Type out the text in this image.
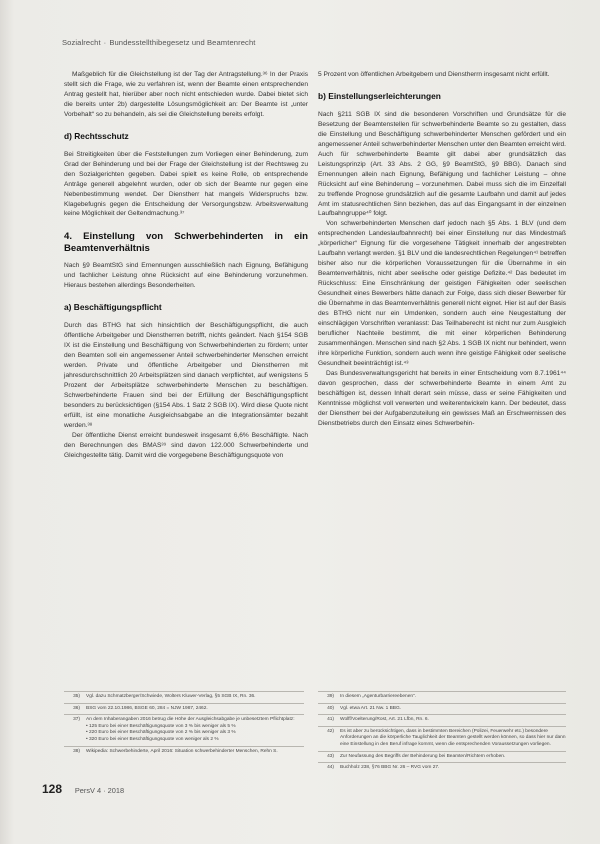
Sozialrecht · Bundesstellthibegesetz und Beamtenrecht

Maßgeblich für die Gleichstellung ist der Tag der Antragstellung.³⁶ In der Praxis stellt sich die Frage, wie zu verfahren ist, wenn der Beamte einen entsprechenden Antrag gestellt hat, hierüber aber noch nicht entschieden wurde. Dabei bietet sich die bereits unter 2b) dargestellte Lösungsmöglichkeit an: Der Beamte ist „unter Vorbehalt“ so zu behandeln, als sei die Gleichstellung bereits erfolgt.

d) Rechtsschutz

Bei Streitigkeiten über die Feststellungen zum Vorliegen einer Behinderung, zum Grad der Behinderung und bei der Frage der Gleichstellung ist der Rechtsweg zu den Sozialgerichten gegeben. Dabei spielt es keine Rolle, ob entsprechende Anträge generell abgelehnt wurden, oder ob sich der Beamte nur gegen eine Nebenbestimmung wendet. Der Dienstherr hat mangels Widerspruchs bzw. Klagebefugnis gegen die Entscheidung der Versorgungsbzw. Arbeitsverwaltung keine Möglichkeit der Geltendmachung.³⁷

4. Einstellung von Schwerbehinderten in ein Beamtenverhältnis

Nach §9 BeamtStG sind Ernennungen ausschließlich nach Eignung, Befähigung und fachlicher Leistung ohne Rücksicht auf eine Behinderung vorzunehmen. Hieraus bestehen allerdings Besonderheiten.

a) Beschäftigungspflicht

Durch das BTHG hat sich hinsichtlich der Beschäftigungspflicht, die auch öffentliche Arbeitgeber und Dienstherren betrifft, nichts geändert. Nach §154 SGB IX ist die Einstellung und Beschäftigung von Schwerbehinderten zu fördern; unter den Beamten soll ein angemessener Anteil schwerbehinderter Menschen erreicht werden. Private und öffentliche Arbeitgeber und Dienstherren mit jahresdurchschnittlich 20 Arbeitsplätzen sind danach verpflichtet, auf wenigstens 5 Prozent der Arbeitsplätze schwerbehinderte Menschen zu beschäftigen. Schwerbehinderte Frauen sind bei der Erfüllung der Beschäftigungspflicht besonders zu berücksichtigen (§154 Abs. 1 Satz 2 SGB IX). Wird diese Quote nicht erfüllt, ist eine monatliche Ausgleichsabgabe an die Integrationsämter bezahlt werden.³⁸

Der öffentliche Dienst erreicht bundesweit insgesamt 6,6% Beschäftigte. Nach den Berechnungen des BMAS³⁹ sind davon 122.000 Schwerbehinderte und Gleichgestellte tätig. Damit wird die vorgegebene Beschäftigungsquote von

5 Prozent von öffentlichen Arbeitgebern und Dienstherrn insgesamt nicht erfüllt.

b) Einstellungserleichterungen

Nach §211 SGB IX sind die besonderen Vorschriften und Grundsätze für die Besetzung der Beamtenstellen für schwerbehinderte Beamte so zu gestalten, dass die Einstellung und Beschäftigung schwerbehinderter Menschen gefördert und ein angemessener Anteil schwerbehinderter Menschen unter den Beamten erreicht wird. Auch für schwerbehinderte Beamte gilt dabei aber grundsätzlich das Leistungsprinzip (Art. 33 Abs. 2 GG, §9 BeamtStG, §9 BBG). Danach sind Ernennungen allein nach Eignung, Befähigung und fachlicher Leistung – ohne Rücksicht auf eine Behinderung – vorzunehmen. Dabei muss sich die im Einzelfall zu treffende Prognose grundsätzlich auf die gesamte Laufbahn und damit auf jedes Amt im statusrechtlichen Sinn beziehen, das auf das Eingangsamt in der einzelnen Laufbahngruppe⁴⁰ folgt.

Von schwerbehinderten Menschen darf jedoch nach §5 Abs. 1 BLV (und dem entsprechenden Landeslaufbahnrecht) bei einer Einstellung nur das Mindestmaß „körperlicher“ Eignung für die vorgesehene Tätigkeit innerhalb der angestrebten Laufbahn verlangt werden. §1 BLV und die landesrechtlichen Regelungen⁴¹ betreffen bisher also nur die körperlichen Voraussetzungen für die Übernahme in ein Beamtenverhältnis, nicht aber seelische oder geistige Defizite.⁴² Das bedeutet im Rückschluss: Eine Einschränkung der geistigen Fähigkeiten oder seelischen Gesundheit eines Bewerbers hätte danach zur Folge, dass sich dieser Bewerber für die Übernahme in das Beamtenverhältnis generell nicht eignet. Hier ist auf der Basis des BTHG nicht nur ein Umdenken, sondern auch eine Neugestaltung der einschlägigen Vorschriften veranlasst: Das Teilhaberecht ist nicht nur zum Ausgleich beruflicher Nachteile bestimmt, die mit einer körperlichen Behinderung zusammenhängen. Menschen sind nach §2 Abs. 1 SGB IX nicht nur behindert, wenn ihre körperliche Funktion, sondern auch wenn ihre geistige Fähigkeit oder seelische Gesundheit beeinträchtigt ist.⁴³

Das Bundesverwaltungsgericht hat bereits in einer Entscheidung vom 8.7.1961⁴⁴ davon gesprochen, dass der schwerbehinderte Beamte in einem Amt zu beschäftigen ist, dessen Inhalt derart sein müsse, dass er seine Fähigkeiten und Kenntnisse möglichst voll verwerten und weiterentwickeln kann. Der bedeutet, dass der Dienstherr bei der Aufgabenzuteilung ein gewisses Maß an Erschwernissen des Dienstbetriebs durch den Einsatz eines Schwerbehin-

35)	Vgl. dazu Schmatzberger/Schwiede, Wolters Kluwer-Verlag, §5 SGB IX, Rn. 36.
36)	BSG vom 22.10.1986, BSGE 60, 284 = NJW 1987, 2462.
37)	An dem Inhaberangaben 2016 betrug die Höhe der Ausgleichsabgabe je unbesetztem Pflichtplatz:
• 125 Euro bei einer Beschäftigungsquote von 3 % bis weniger als 5 %
• 220 Euro bei einer Beschäftigungsquote von 2 % bis weniger als 3 %
• 320 Euro bei einer Beschäftigungsquote von weniger als 2 %
38)	Wikipedia: Schwerbehinderte, April 2016: Situation schwerbehinderter Menschen, Rehn S.
39)	In diesem „Agenturbarriereebenen“.
40)	Vgl. etwa Art. 21 Nw. 1 BBG.
41)	Wolff/Voelterung/Rost, Art. 21 Lfbn, Rn. 6.
42)	Es ist aber zu berücksichtigen, dass in bestimmten Bereichen (Polizei, Feuerwehr etc.) besondere Anforderungen an die körperliche Tauglichkeit der Beamten gestellt werden können, so dass hier nur dann eine Einstellung in den Beruf infrage kommt, wenn die entsprechenden Voraussetzungen vorliegen.
43)	Zur Neufassung des Begriffs der Behinderung bei Beamten/Richtern erhoben.
44)	Buchholz 238, §76 BBG Nr. 26 – RVG vom 27.
128 PersV 4 · 2018
